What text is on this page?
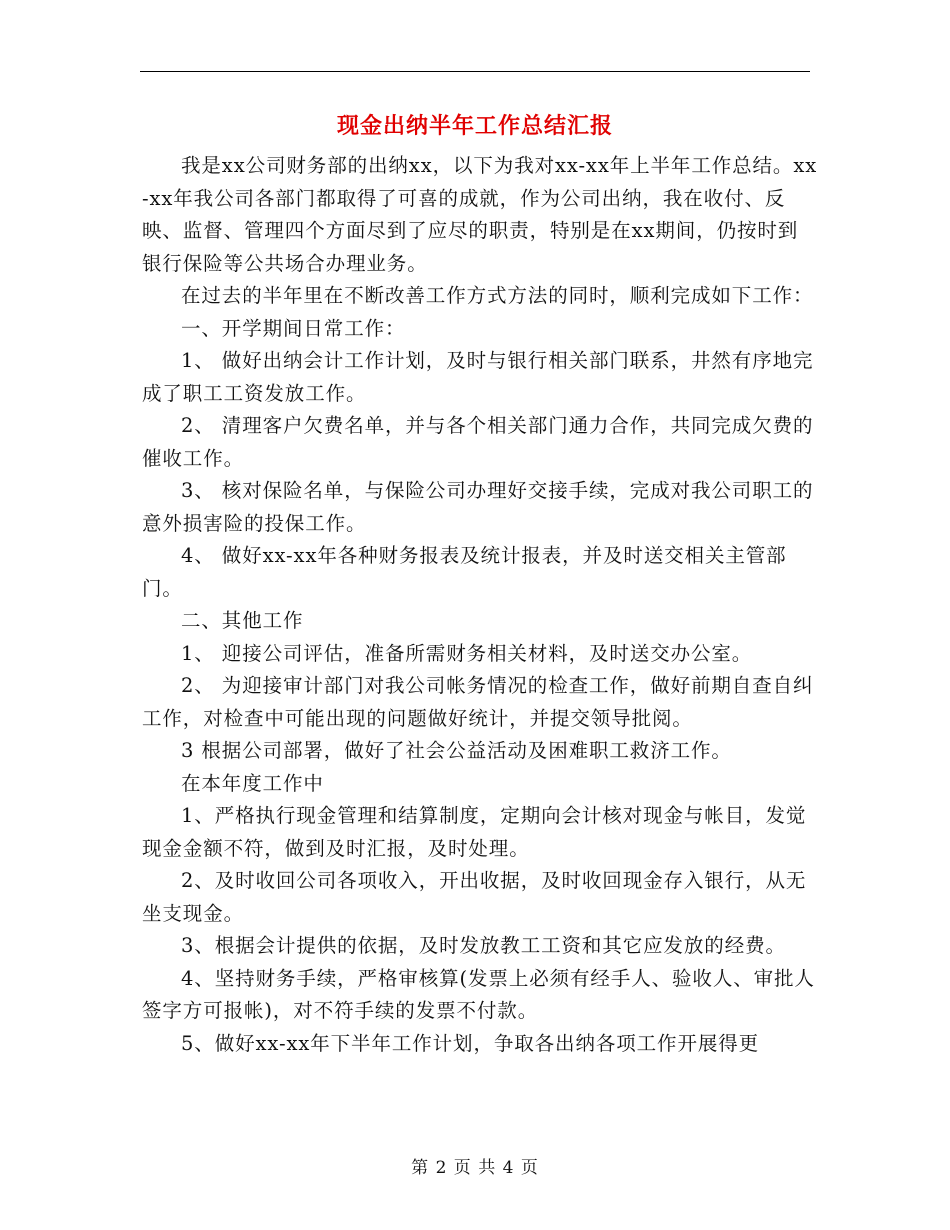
现金出纳半年工作总结汇报

我是xx公司财务部的出纳xx，以下为我对xx-xx年上半年工作总结。xx-xx年我公司各部门都取得了可喜的成就，作为公司出纳，我在收付、反映、监督、管理四个方面尽到了应尽的职责，特别是在xx期间，仍按时到银行保险等公共场合办理业务。

在过去的半年里在不断改善工作方式方法的同时，顺利完成如下工作：

一、开学期间日常工作：

1、 做好出纳会计工作计划，及时与银行相关部门联系，井然有序地完成了职工工资发放工作。

2、 清理客户欠费名单，并与各个相关部门通力合作，共同完成欠费的催收工作。

3、 核对保险名单，与保险公司办理好交接手续，完成对我公司职工的意外损害险的投保工作。

4、 做好xx-xx年各种财务报表及统计报表，并及时送交相关主管部门。

二、其他工作

1、 迎接公司评估，准备所需财务相关材料，及时送交办公室。

2、 为迎接审计部门对我公司帐务情况的检查工作，做好前期自查自纠工作，对检查中可能出现的问题做好统计，并提交领导批阅。

3 根据公司部署，做好了社会公益活动及困难职工救济工作。

在本年度工作中

1、严格执行现金管理和结算制度，定期向会计核对现金与帐目，发觉现金金额不符，做到及时汇报，及时处理。

2、及时收回公司各项收入，开出收据，及时收回现金存入银行，从无坐支现金。

3、根据会计提供的依据，及时发放教工工资和其它应发放的经费。

4、坚持财务手续，严格审核算(发票上必须有经手人、验收人、审批人签字方可报帐)，对不符手续的发票不付款。

5、做好xx-xx年下半年工作计划，争取各出纳各项工作开展得更

第 2 页 共 4 页
